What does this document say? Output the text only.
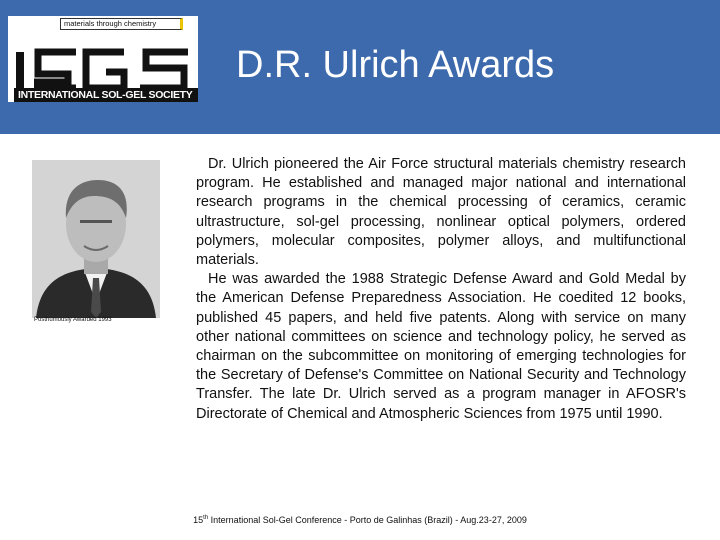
materials through chemistry
INTERNATIONAL SOL-GEL SOCIETY
D.R. Ulrich Awards
Posthumously Awarded 1993

Dr. Ulrich pioneered the Air Force structural materials chemistry research program. He established and managed major national and international research programs in the chemical processing of ceramics, ceramic ultrastructure, sol-gel processing, nonlinear optical polymers, ordered polymers, molecular composites, polymer alloys, and multifunctional materials.

He was awarded the 1988 Strategic Defense Award and Gold Medal by the American Defense Preparedness Association. He coedited 12 books, published 45 papers, and held five patents. Along with service on many other national committees on science and technology policy, he served as chairman on the subcommittee on monitoring of emerging technologies for the Secretary of Defense's Committee on National Security and Technology Transfer. The late Dr. Ulrich served as a program manager in AFOSR's Directorate of Chemical and Atmospheric Sciences from 1975 until 1990.

15th International Sol-Gel Conference - Porto de Galinhas (Brazil) - Aug.23-27, 2009
